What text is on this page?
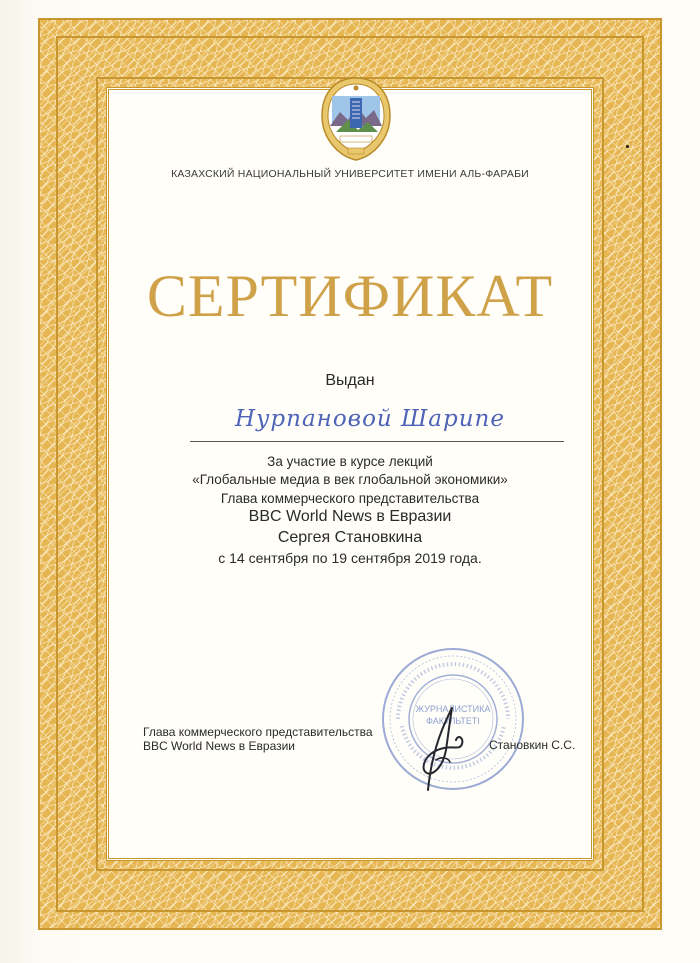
КАЗАХСКИЙ НАЦИОНАЛЬНЫЙ УНИВЕРСИТЕТ ИМЕНИ АЛЬ-ФАРАБИ
СЕРТИФИКАТ
Выдан
Нурпановой Шарипе
За участие в курсе лекций
«Глобальные медиа в век глобальной экономики»
Глава коммерческого представительства
BBC World News в Евразии
Сергея Становкина
с 14 сентября по 19 сентября 2019 года.
ЖУРНАЛИСТИКА
ФАКУЛЬТЕТІ
Глава коммерческого представительства
BBC World News в Евразии	Становкин С.С.
